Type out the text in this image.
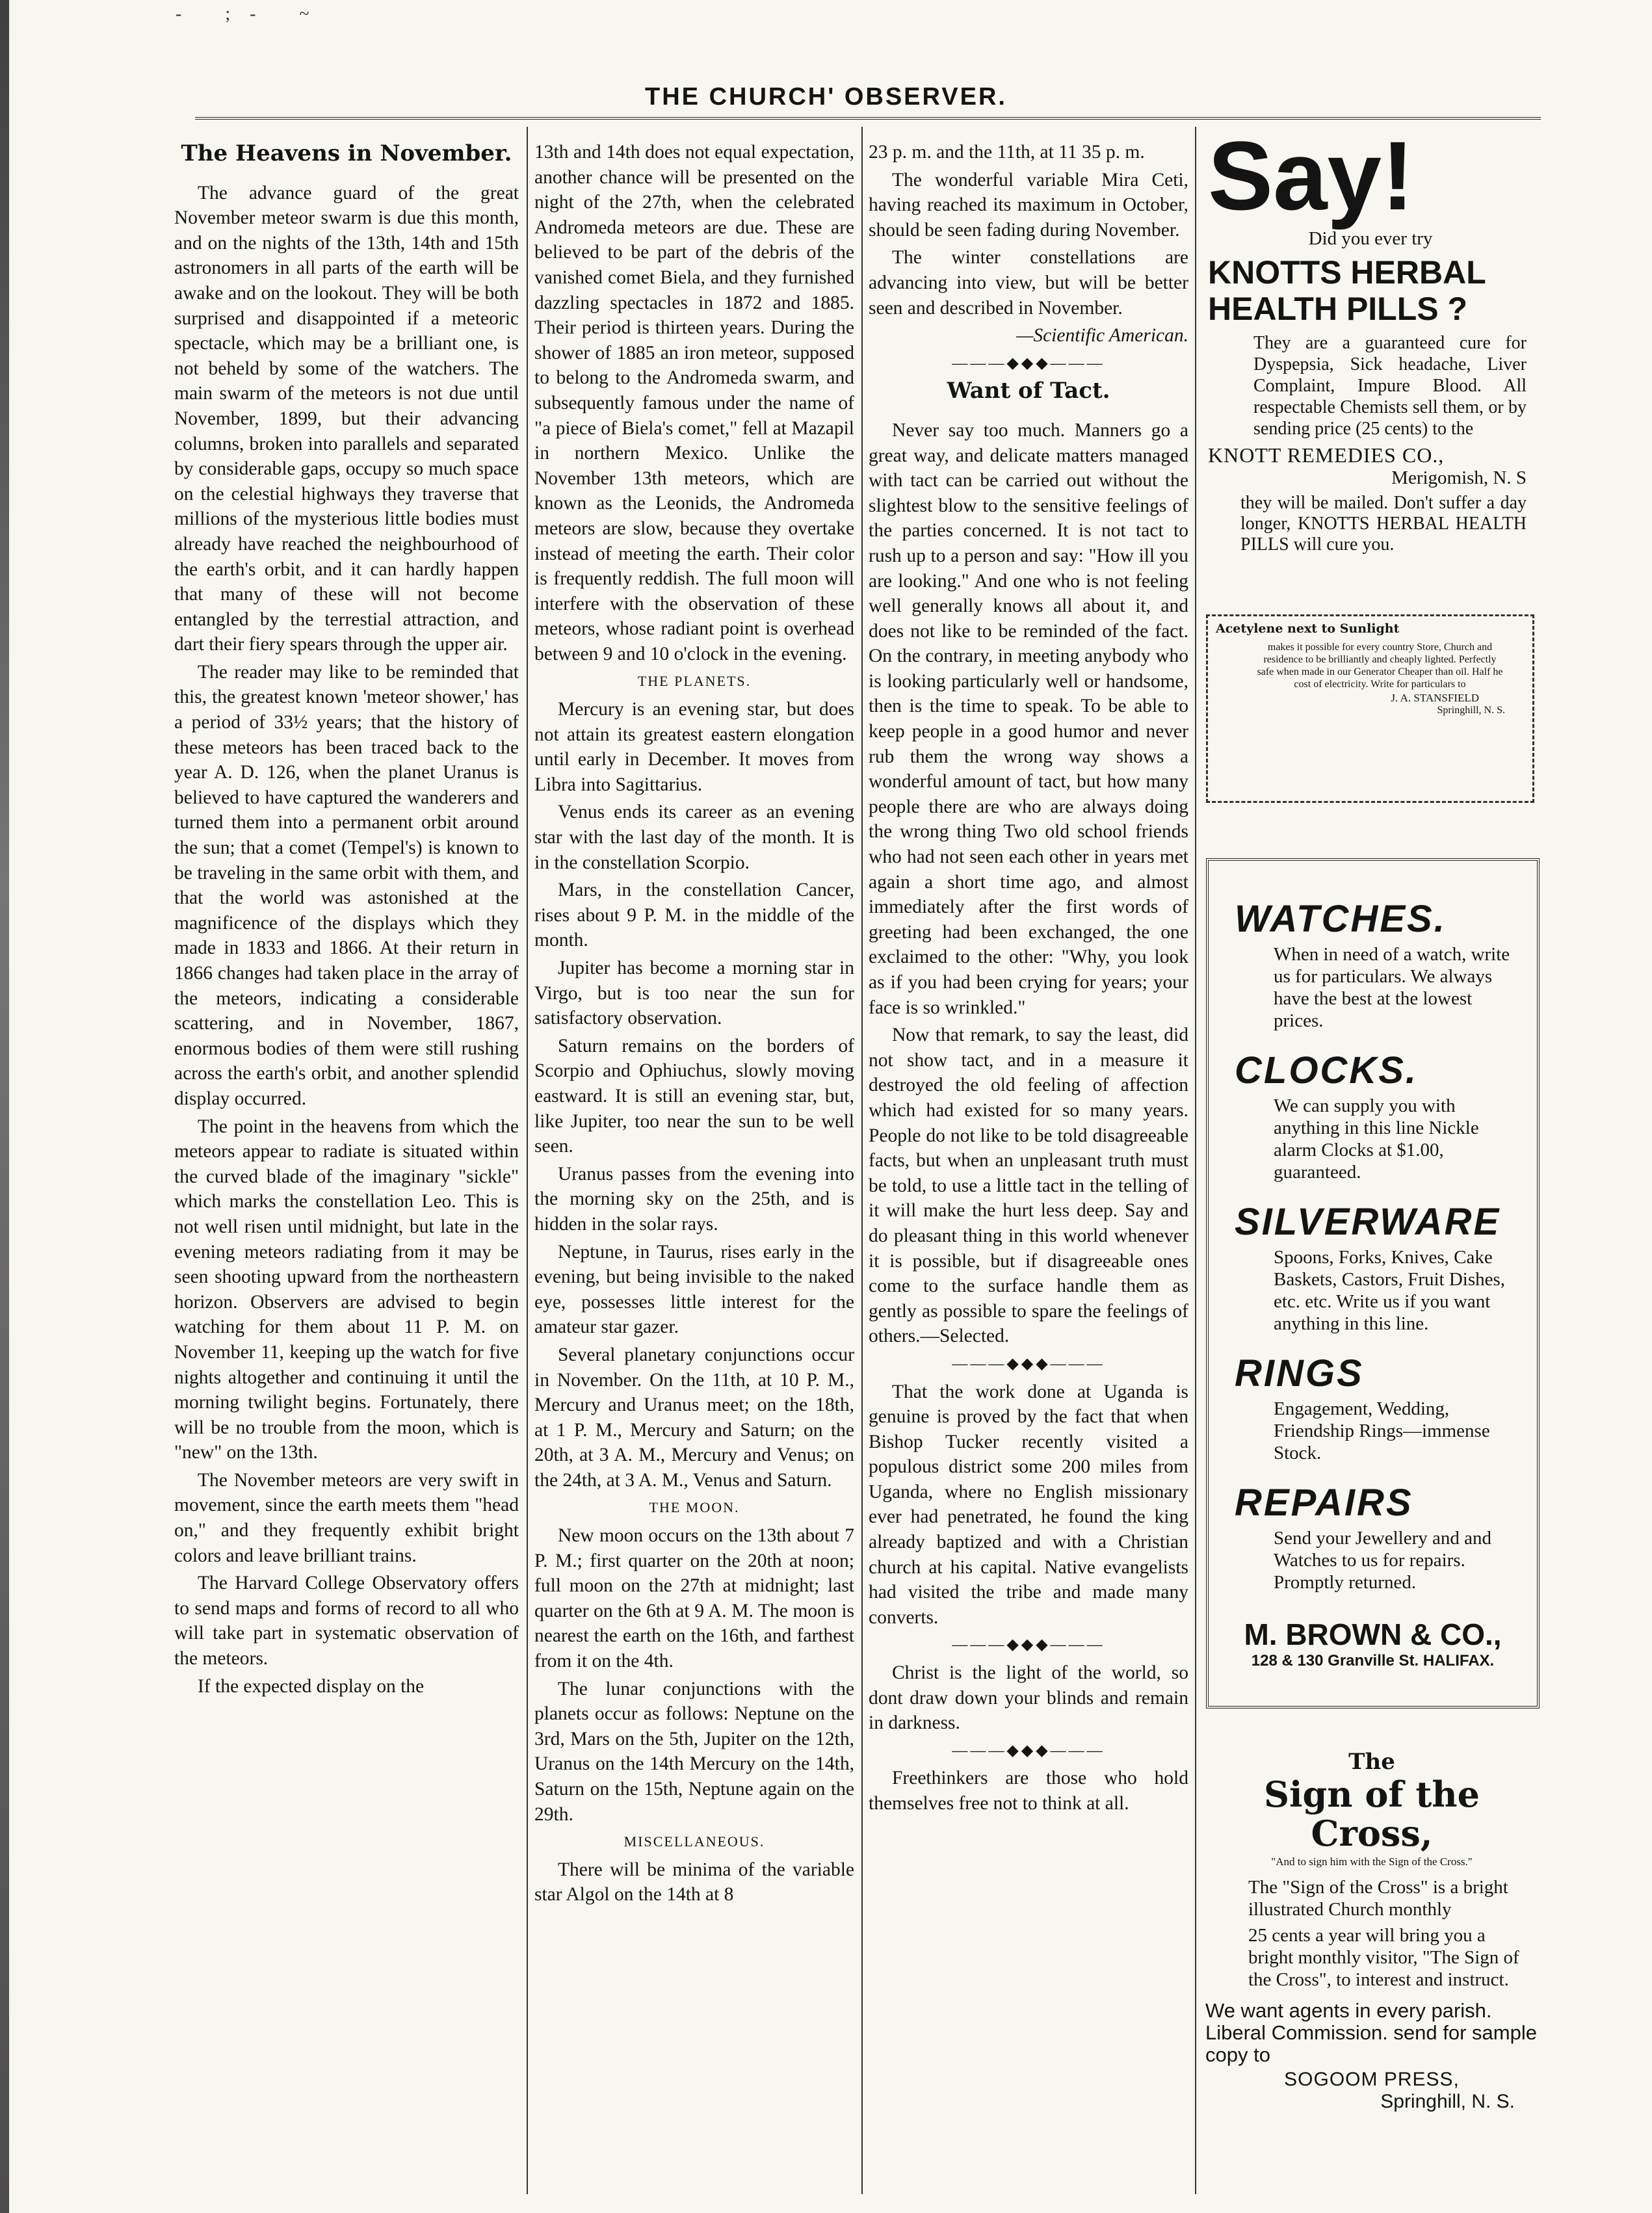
- ;- ~
THE CHURCH' OBSERVER.
The Heavens in November.

The advance guard of the great November meteor swarm is due this month, and on the nights of the 13th, 14th and 15th astronomers in all parts of the earth will be awake and on the lookout. They will be both surprised and disappointed if a meteoric spectacle, which may be a brilliant one, is not beheld by some of the watchers. The main swarm of the meteors is not due until November, 1899, but their advancing columns, broken into parallels and separated by considerable gaps, occupy so much space on the celestial highways they traverse that millions of the mysterious little bodies must already have reached the neighbourhood of the earth's orbit, and it can hardly happen that many of these will not become entangled by the terrestial attraction, and dart their fiery spears through the upper air.

The reader may like to be reminded that this, the greatest known 'meteor shower,' has a period of 33½ years; that the history of these meteors has been traced back to the year A. D. 126, when the planet Uranus is believed to have captured the wanderers and turned them into a permanent orbit around the sun; that a comet (Tempel's) is known to be traveling in the same orbit with them, and that the world was astonished at the magnificence of the displays which they made in 1833 and 1866. At their return in 1866 changes had taken place in the array of the meteors, indicating a considerable scattering, and in November, 1867, enormous bodies of them were still rushing across the earth's orbit, and another splendid display occurred.

The point in the heavens from which the meteors appear to radiate is situated within the curved blade of the imaginary "sickle" which marks the constellation Leo. This is not well risen until midnight, but late in the evening meteors radiating from it may be seen shooting upward from the northeastern horizon. Observers are advised to begin watching for them about 11 P. M. on November 11, keeping up the watch for five nights altogether and continuing it until the morning twilight begins. Fortunately, there will be no trouble from the moon, which is "new" on the 13th.

The November meteors are very swift in movement, since the earth meets them "head on," and they frequently exhibit bright colors and leave brilliant trains.

The Harvard College Observatory offers to send maps and forms of record to all who will take part in systematic observation of the meteors.

If the expected display on the

13th and 14th does not equal expectation, another chance will be presented on the night of the 27th, when the celebrated Andromeda meteors are due. These are believed to be part of the debris of the vanished comet Biela, and they furnished dazzling spectacles in 1872 and 1885. Their period is thirteen years. During the shower of 1885 an iron meteor, supposed to belong to the Andromeda swarm, and subsequently famous under the name of "a piece of Biela's comet," fell at Mazapil in northern Mexico. Unlike the November 13th meteors, which are known as the Leonids, the Andromeda meteors are slow, because they overtake instead of meeting the earth. Their color is frequently reddish. The full moon will interfere with the observation of these meteors, whose radiant point is overhead between 9 and 10 o'clock in the evening.

THE PLANETS.

Mercury is an evening star, but does not attain its greatest eastern elongation until early in December. It moves from Libra into Sagittarius.

Venus ends its career as an evening star with the last day of the month. It is in the constellation Scorpio.

Mars, in the constellation Cancer, rises about 9 P. M. in the middle of the month.

Jupiter has become a morning star in Virgo, but is too near the sun for satisfactory observation.

Saturn remains on the borders of Scorpio and Ophiuchus, slowly moving eastward. It is still an evening star, but, like Jupiter, too near the sun to be well seen.

Uranus passes from the evening into the morning sky on the 25th, and is hidden in the solar rays.

Neptune, in Taurus, rises early in the evening, but being invisible to the naked eye, possesses little interest for the amateur star gazer.

Several planetary conjunctions occur in November. On the 11th, at 10 P. M., Mercury and Uranus meet; on the 18th, at 1 P. M., Mercury and Saturn; on the 20th, at 3 A. M., Mercury and Venus; on the 24th, at 3 A. M., Venus and Saturn.

THE MOON.

New moon occurs on the 13th about 7 P. M.; first quarter on the 20th at noon; full moon on the 27th at midnight; last quarter on the 6th at 9 A. M. The moon is nearest the earth on the 16th, and farthest from it on the 4th.

The lunar conjunctions with the planets occur as follows: Neptune on the 3rd, Mars on the 5th, Jupiter on the 12th, Uranus on the 14th Mercury on the 14th, Saturn on the 15th, Neptune again on the 29th.

MISCELLANEOUS.

There will be minima of the variable star Algol on the 14th at 8

23 p. m. and the 11th, at 11 35 p. m.

The wonderful variable Mira Ceti, having reached its maximum in October, should be seen fading during November.

The winter constellations are advancing into view, but will be better seen and described in November.

—Scientific American.

———◆◆◆———

Want of Tact.

Never say too much. Manners go a great way, and delicate matters managed with tact can be carried out without the slightest blow to the sensitive feelings of the parties concerned. It is not tact to rush up to a person and say: "How ill you are looking." And one who is not feeling well generally knows all about it, and does not like to be reminded of the fact. On the contrary, in meeting anybody who is looking particularly well or handsome, then is the time to speak. To be able to keep people in a good humor and never rub them the wrong way shows a wonderful amount of tact, but how many people there are who are always doing the wrong thing Two old school friends who had not seen each other in years met again a short time ago, and almost immediately after the first words of greeting had been exchanged, the one exclaimed to the other: "Why, you look as if you had been crying for years; your face is so wrinkled."

Now that remark, to say the least, did not show tact, and in a measure it destroyed the old feeling of affection which had existed for so many years. People do not like to be told disagreeable facts, but when an unpleasant truth must be told, to use a little tact in the telling of it will make the hurt less deep. Say and do pleasant thing in this world whenever it is possible, but if disagreeable ones come to the surface handle them as gently as possible to spare the feelings of others.—Selected.

———◆◆◆———

That the work done at Uganda is genuine is proved by the fact that when Bishop Tucker recently visited a populous district some 200 miles from Uganda, where no English missionary ever had penetrated, he found the king already baptized and with a Christian church at his capital. Native evangelists had visited the tribe and made many converts.

———◆◆◆———

Christ is the light of the world, so dont draw down your blinds and remain in darkness.

———◆◆◆———

Freethinkers are those who hold themselves free not to think at all.

Say!
Did you ever try
KNOTTS HERBAL
HEALTH PILLS ?
They are a guaranteed cure for Dyspepsia, Sick headache, Liver Complaint, Impure Blood. All respectable Chemists sell them, or by sending price (25 cents) to the
KNOTT REMEDIES CO.,
Merigomish, N. S
they will be mailed. Don't suffer a day longer, KNOTTS HERBAL HEALTH PILLS will cure you.
Acetylene next to Sunlight
makes it possible for every country Store, Church and residence to be brilliantly and cheaply lighted. Perfectly safe when made in our Generator Cheaper than oil. Half he cost of electricity. Write for particulars to
J. A. STANSFIELD
Springhill, N. S.
WATCHES.
When in need of a watch, write us for particulars. We always have the best at the lowest prices.
CLOCKS.
We can supply you with anything in this line Nickle alarm Clocks at $1.00, guaranteed.
SILVERWARE
Spoons, Forks, Knives, Cake Baskets, Castors, Fruit Dishes, etc. etc. Write us if you want anything in this line.
RINGS
Engagement, Wedding, Friendship Rings—immense Stock.
REPAIRS
Send your Jewellery and and Watches to us for repairs. Promptly returned.
M. BROWN & CO.,
128 & 130 Granville St. HALIFAX.
The
Sign of the Cross,
"And to sign him with the Sign of the Cross."
The "Sign of the Cross" is a bright illustrated Church monthly
25 cents a year will bring you a bright monthly visitor, "The Sign of the Cross", to interest and instruct.
We want agents in every parish. Liberal Commission. send for sample copy to
SOGOOM PRESS,
Springhill, N. S.
